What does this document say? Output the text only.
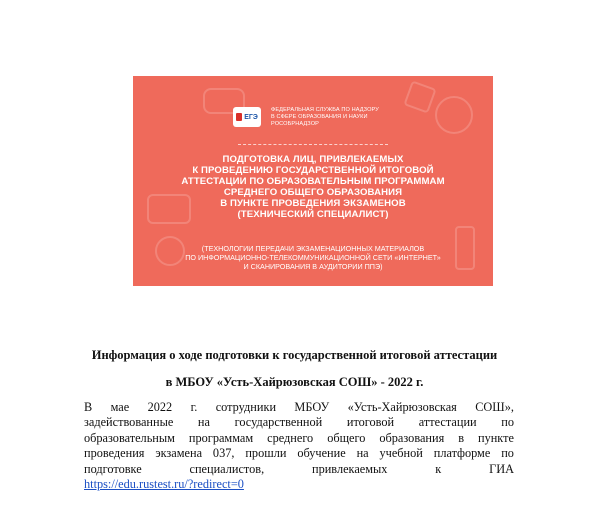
ЕГЭ
ФЕДЕРАЛЬНАЯ СЛУЖБА ПО НАДЗОРУ
В СФЕРЕ ОБРАЗОВАНИЯ И НАУКИ
РОСОБРНАДЗОР
ПОДГОТОВКА ЛИЦ, ПРИВЛЕКАЕМЫХ
К ПРОВЕДЕНИЮ ГОСУДАРСТВЕННОЙ ИТОГОВОЙ
АТТЕСТАЦИИ ПО ОБРАЗОВАТЕЛЬНЫМ ПРОГРАММАМ
СРЕДНЕГО ОБЩЕГО ОБРАЗОВАНИЯ
В ПУНКТЕ ПРОВЕДЕНИЯ ЭКЗАМЕНОВ
(ТЕХНИЧЕСКИЙ СПЕЦИАЛИСТ)
(ТЕХНОЛОГИИ ПЕРЕДАЧИ ЭКЗАМЕНАЦИОННЫХ МАТЕРИАЛОВ
ПО ИНФОРМАЦИОННО-ТЕЛЕКОММУНИКАЦИОННОЙ СЕТИ «ИНТЕРНЕТ»
И СКАНИРОВАНИЯ В АУДИТОРИИ ППЭ)
Информация о ходе подготовки к государственной итоговой аттестации
в МБОУ «Усть-Хайрюзовская СОШ» - 2022 г.
В мае 2022 г. сотрудники МБОУ «Усть-Хайрюзовская СОШ»,
задействованные на государственной итоговой аттестации по
образовательным программам среднего общего образования в пункте
проведения экзамена 037, прошли обучение на учебной платформе по
подготовке	специалистов,	привлекаемых	к	ГИА
https://edu.rustest.ru/?redirect=0
